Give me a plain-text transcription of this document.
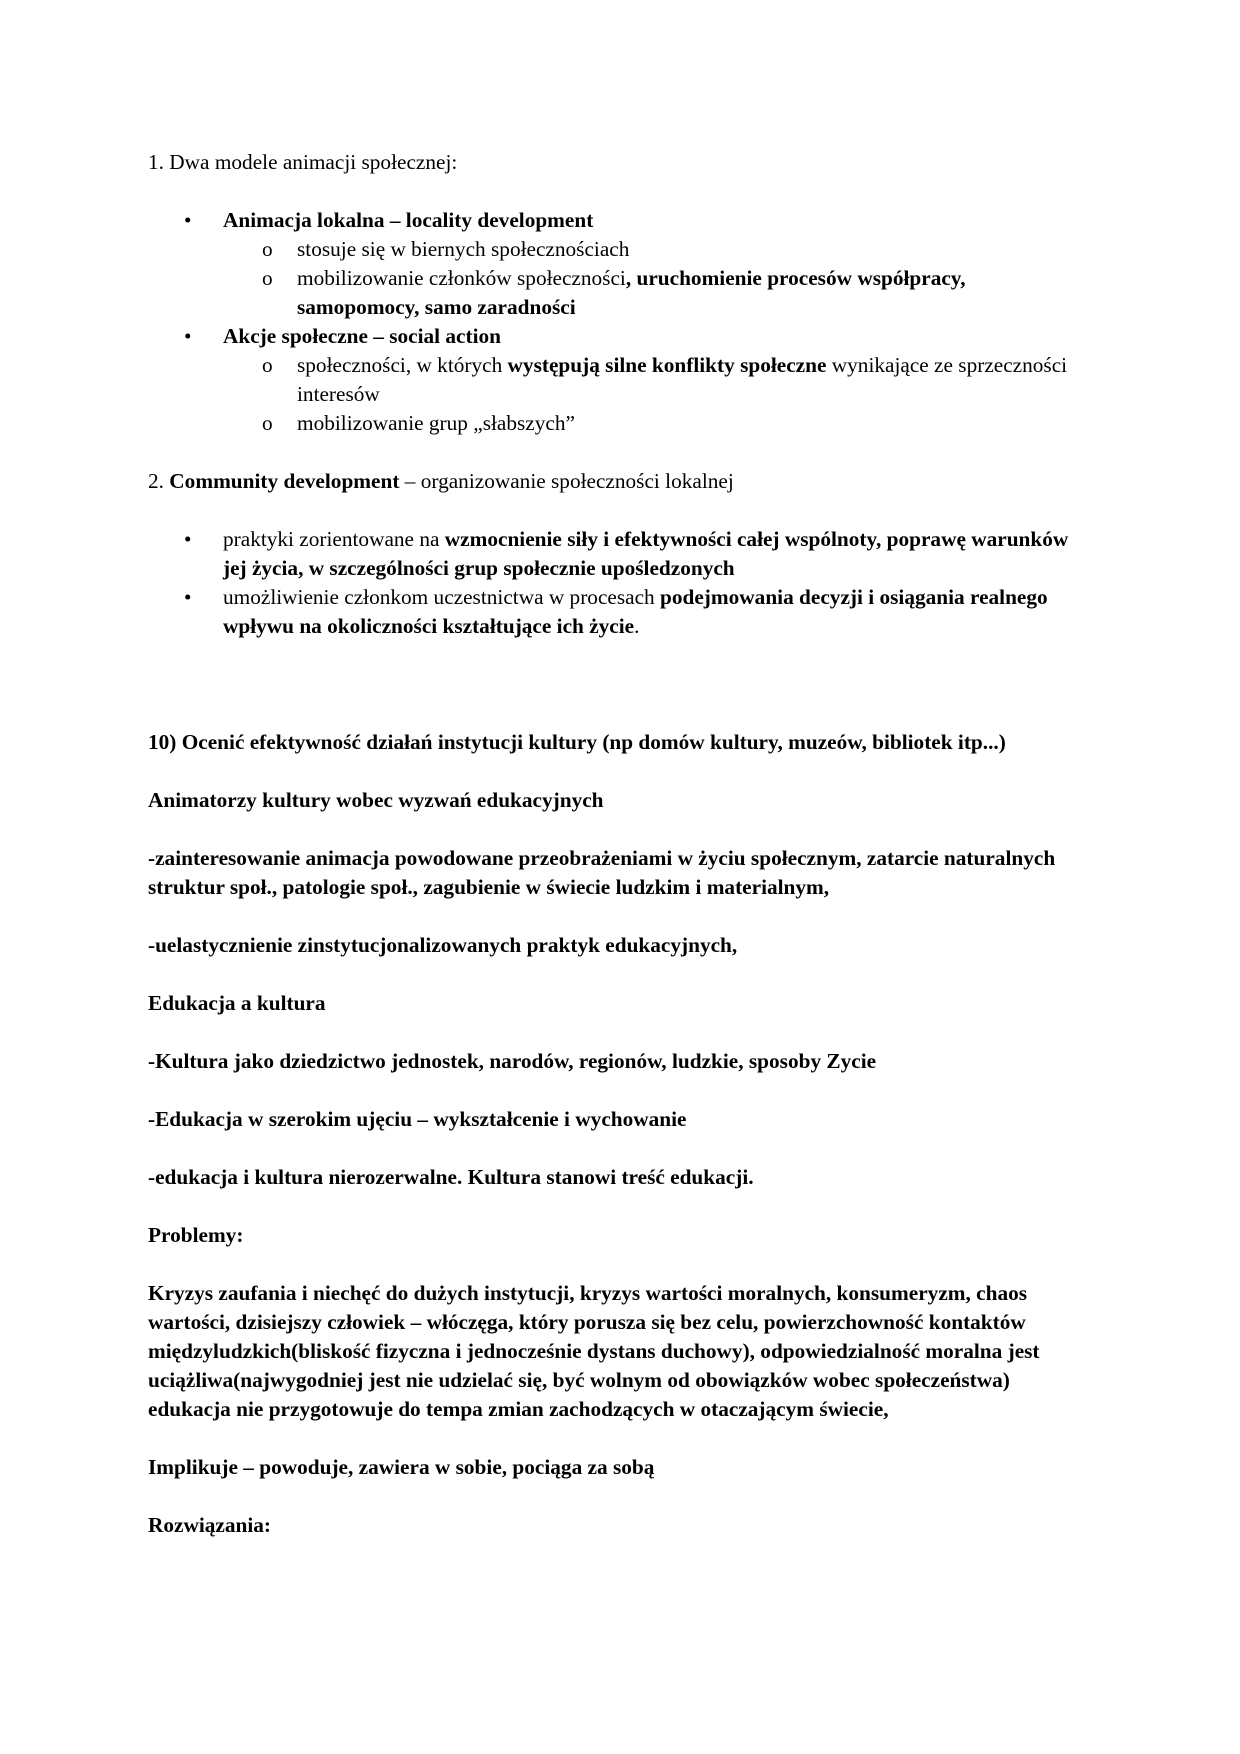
1. Dwa modele animacji społecznej:

• Animacja lokalna – locality development
o stosuje się w biernych społecznościach
o mobilizowanie członków społeczności, uruchomienie procesów współpracy, samopomocy, samo zaradności
• Akcje społeczne – social action
o społeczności, w których występują silne konflikty społeczne wynikające ze sprzeczności interesów
o mobilizowanie grup „słabszych”

2. Community development – organizowanie społeczności lokalnej

• praktyki zorientowane na wzmocnienie siły i efektywności całej wspólnoty, poprawę warunków jej życia, w szczególności grup społecznie upośledzonych
• umożliwienie członkom uczestnictwa w procesach podejmowania decyzji i osiągania realnego wpływu na okoliczności kształtujące ich życie.

10) Ocenić efektywność działań instytucji kultury (np domów kultury, muzeów, bibliotek itp...)

Animatorzy kultury wobec wyzwań edukacyjnych

-zainteresowanie animacja powodowane przeobrażeniami w życiu społecznym, zatarcie naturalnych struktur społ., patologie społ., zagubienie w świecie ludzkim i materialnym,

-uelastycznienie zinstytucjonalizowanych praktyk edukacyjnych,

Edukacja a kultura

-Kultura jako dziedzictwo jednostek, narodów, regionów, ludzkie, sposoby Zycie

-Edukacja w szerokim ujęciu – wykształcenie i wychowanie

-edukacja i kultura nierozerwalne. Kultura stanowi treść edukacji.

Problemy:

Kryzys zaufania i niechęć do dużych instytucji, kryzys wartości moralnych, konsumeryzm, chaos wartości, dzisiejszy człowiek – włóczęga, który porusza się bez celu, powierzchowność kontaktów międzyludzkich(bliskość fizyczna i jednocześnie dystans duchowy), odpowiedzialność moralna jest uciążliwa(najwygodniej jest nie udzielać się, być wolnym od obowiązków wobec społeczeństwa) edukacja nie przygotowuje do tempa zmian zachodzących w otaczającym świecie,

Implikuje – powoduje, zawiera w sobie, pociąga za sobą

Rozwiązania:
